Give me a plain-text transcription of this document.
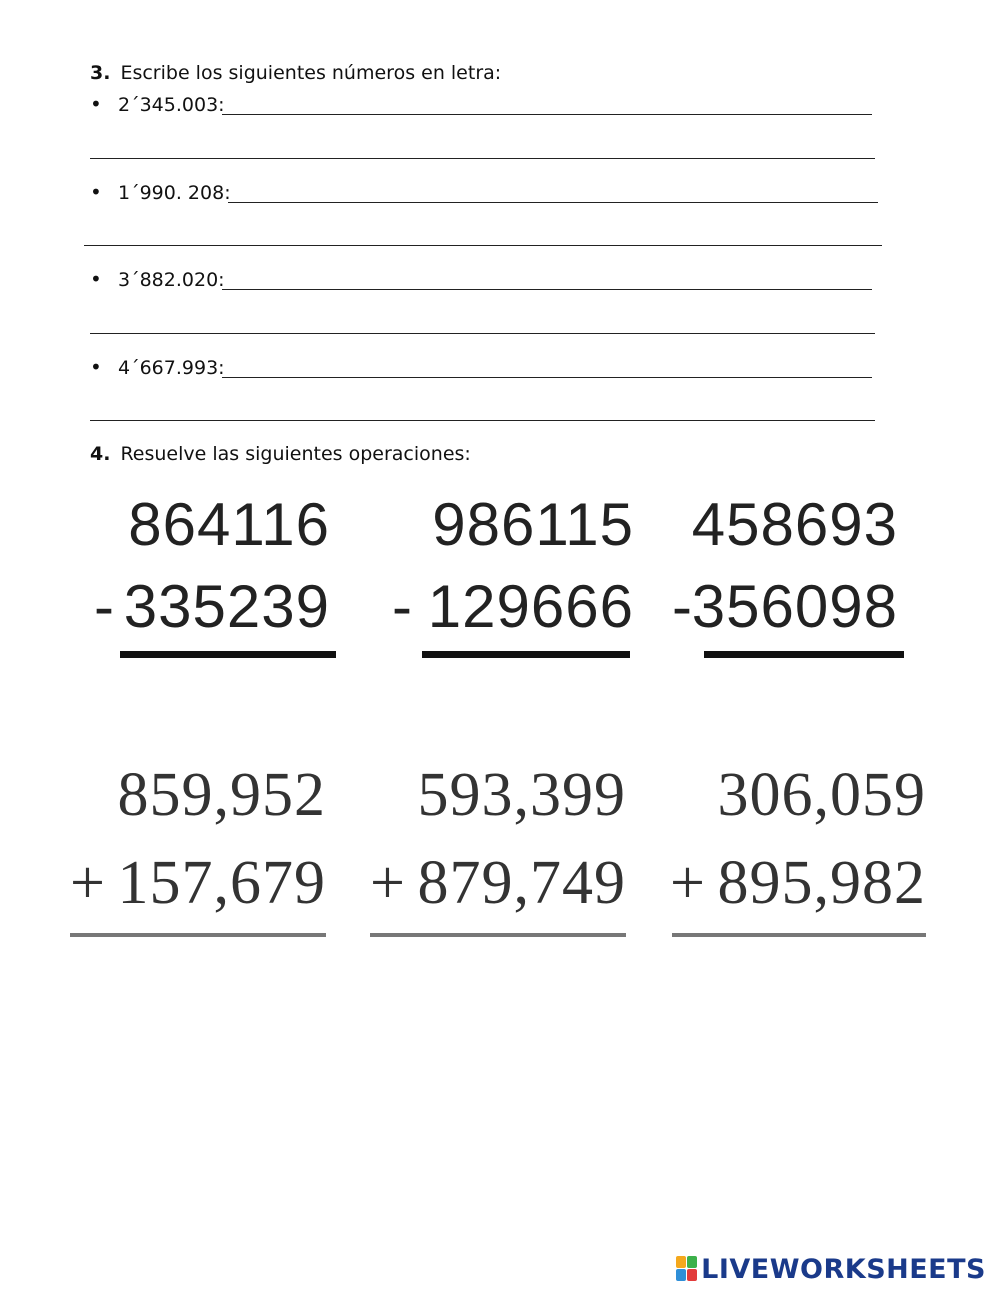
3. Escribe los siguientes números en letra:
• 2´345.003:
• 1´990. 208:
• 3´882.020:
• 4´667.993:
4. Resuelve las siguientes operaciones:
864116
- 335239
986115
- 129666
458693
- 356098
859,952
+ 157,679
593,399
+ 879,749
306,059
+ 895,982
LIVEWORKSHEETS
